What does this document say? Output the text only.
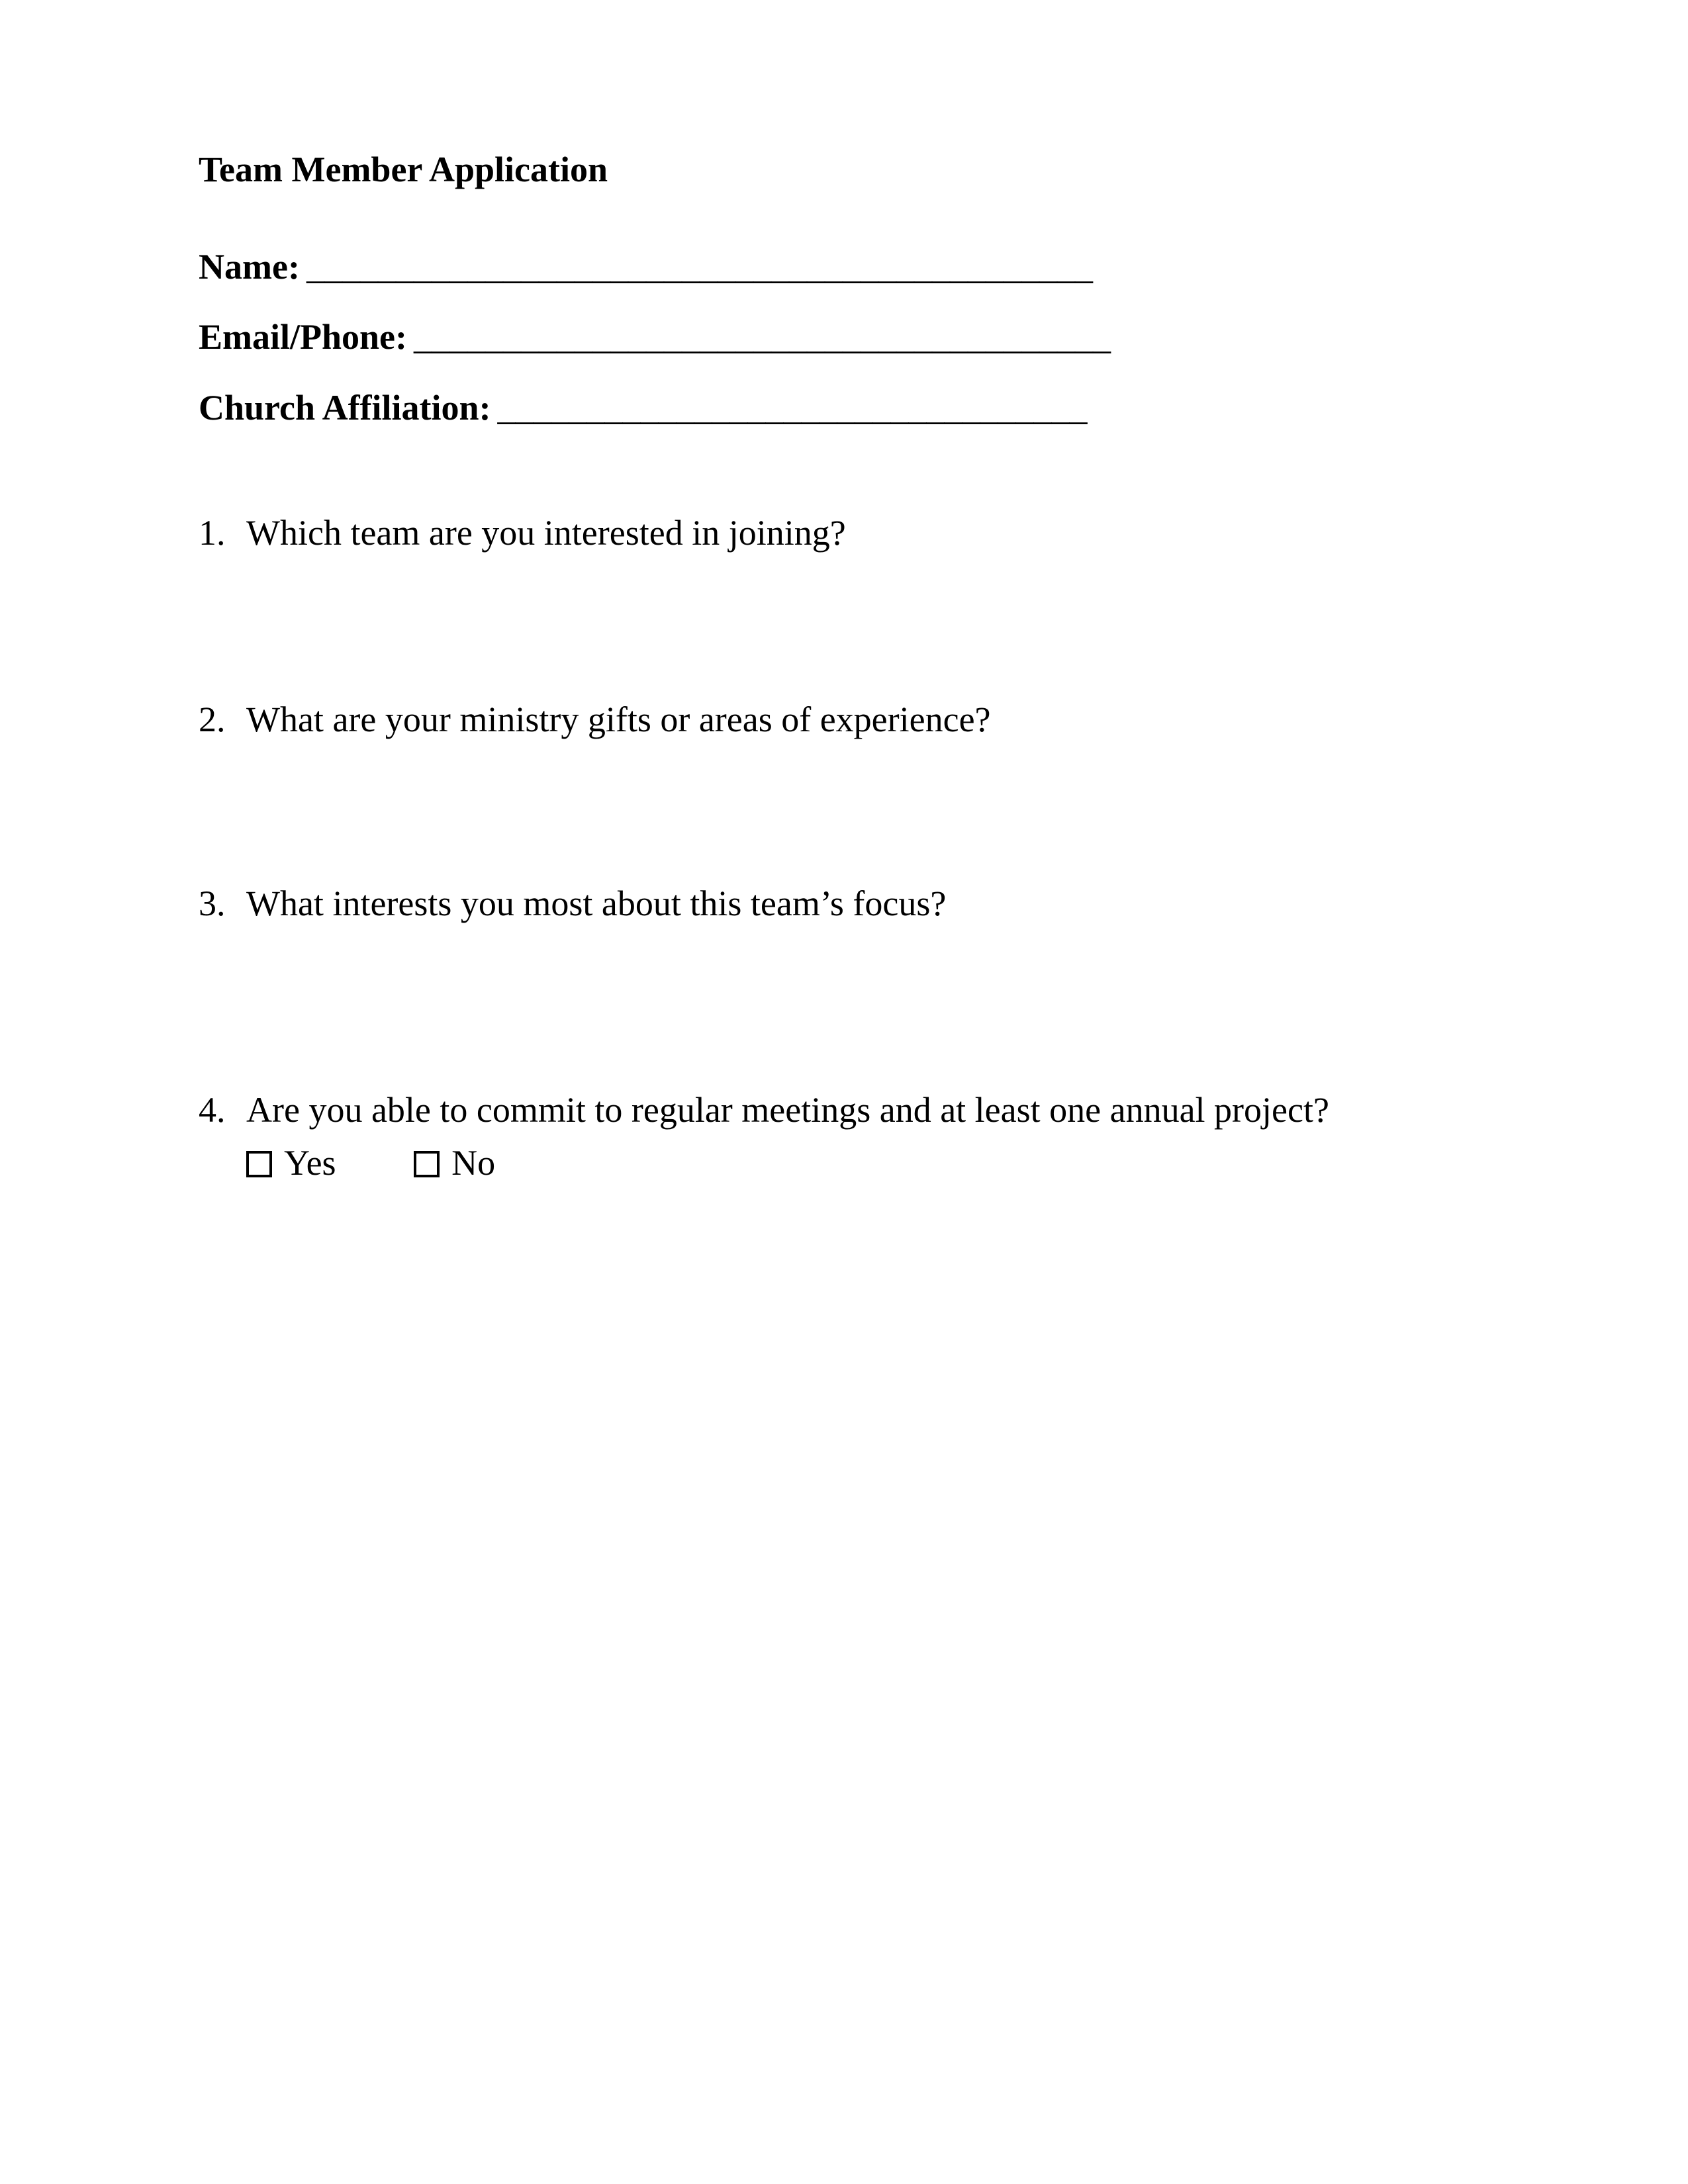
Team Member Application
Name: ____________________________________________
Email/Phone: _______________________________________
Church Affiliation: _________________________________
1. Which team are you interested in joining?
2. What are your ministry gifts or areas of experience?
3. What interests you most about this team’s focus?
4. Are you able to commit to regular meetings and at least one annual project?
Yes	No
